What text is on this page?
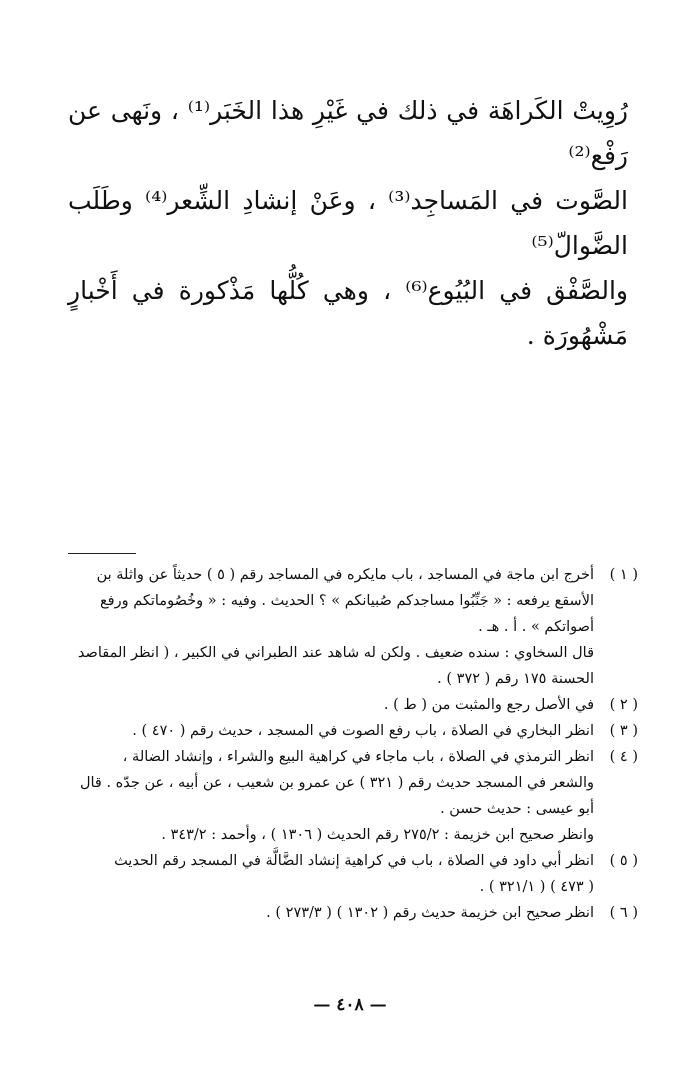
رُوِيتْ الكَراهَة في ذلك في غَيْرِ هذا الخَبَر⁽¹⁾ ، ونَهى عن رَفْع⁽²⁾

الصَّوت في المَساجِد⁽³⁾ ، وعَنْ إنشادِ الشِّعر⁽⁴⁾ وطَلَب الضَّوالّ⁽⁵⁾

والصَّفْق في البُيُوع⁽⁶⁾ ، وهي كُلُّها مَذْكورة في أَخْبارٍ مَشْهُورَة .

( ١ )
أخرج ابن ماجة في المساجد ، باب مايكره في المساجد رقم ( ٥ ) حديثاً عن واثلة بن
الأسقع يرفعه : « جَنِّبُوا مساجدكم صُبيانكم » ؟ الحديث . وفيه : « وخُصُوماتكم ورفع
أصواتكم » . أ . هـ .
قال السخاوي : سنده ضعيف . ولكن له شاهد عند الطبراني في الكبير ، ( انظر المقاصد
الحسنة ١٧٥ رقم ( ٣٧٢ ) .
( ٢ )
في الأصل رجع والمثبت من ( ط ) .
( ٣ )
انظر البخاري في الصلاة ، باب رفع الصوت في المسجد ، حديث رقم ( ٤٧٠ ) .
( ٤ )
انظر الترمذي في الصلاة ، باب ماجاء في كراهية البيع والشراء ، وإنشاد الضالة ،
والشعر في المسجد حديث رقم ( ٣٢١ ) عن عمرو بن شعيب ، عن أبيه ، عن جدّه . قال
أبو عيسى : حديث حسن .
وانظر صحيح ابن خزيمة : ٢٧٥/٢ رقم الحديث ( ١٣٠٦ ) ، وأحمد : ٣٤٣/٢ .
( ٥ )
انظر أبي داود في الصلاة ، باب في كراهية إنشاد الضَّالَّة في المسجد رقم الحديث
( ٤٧٣ ) ( ٣٢١/١ ) .
( ٦ )
انظر صحيح ابن خزيمة حديث رقم ( ١٣٠٢ ) ( ٢٧٣/٣ ) .
— ٤٠٨ —
